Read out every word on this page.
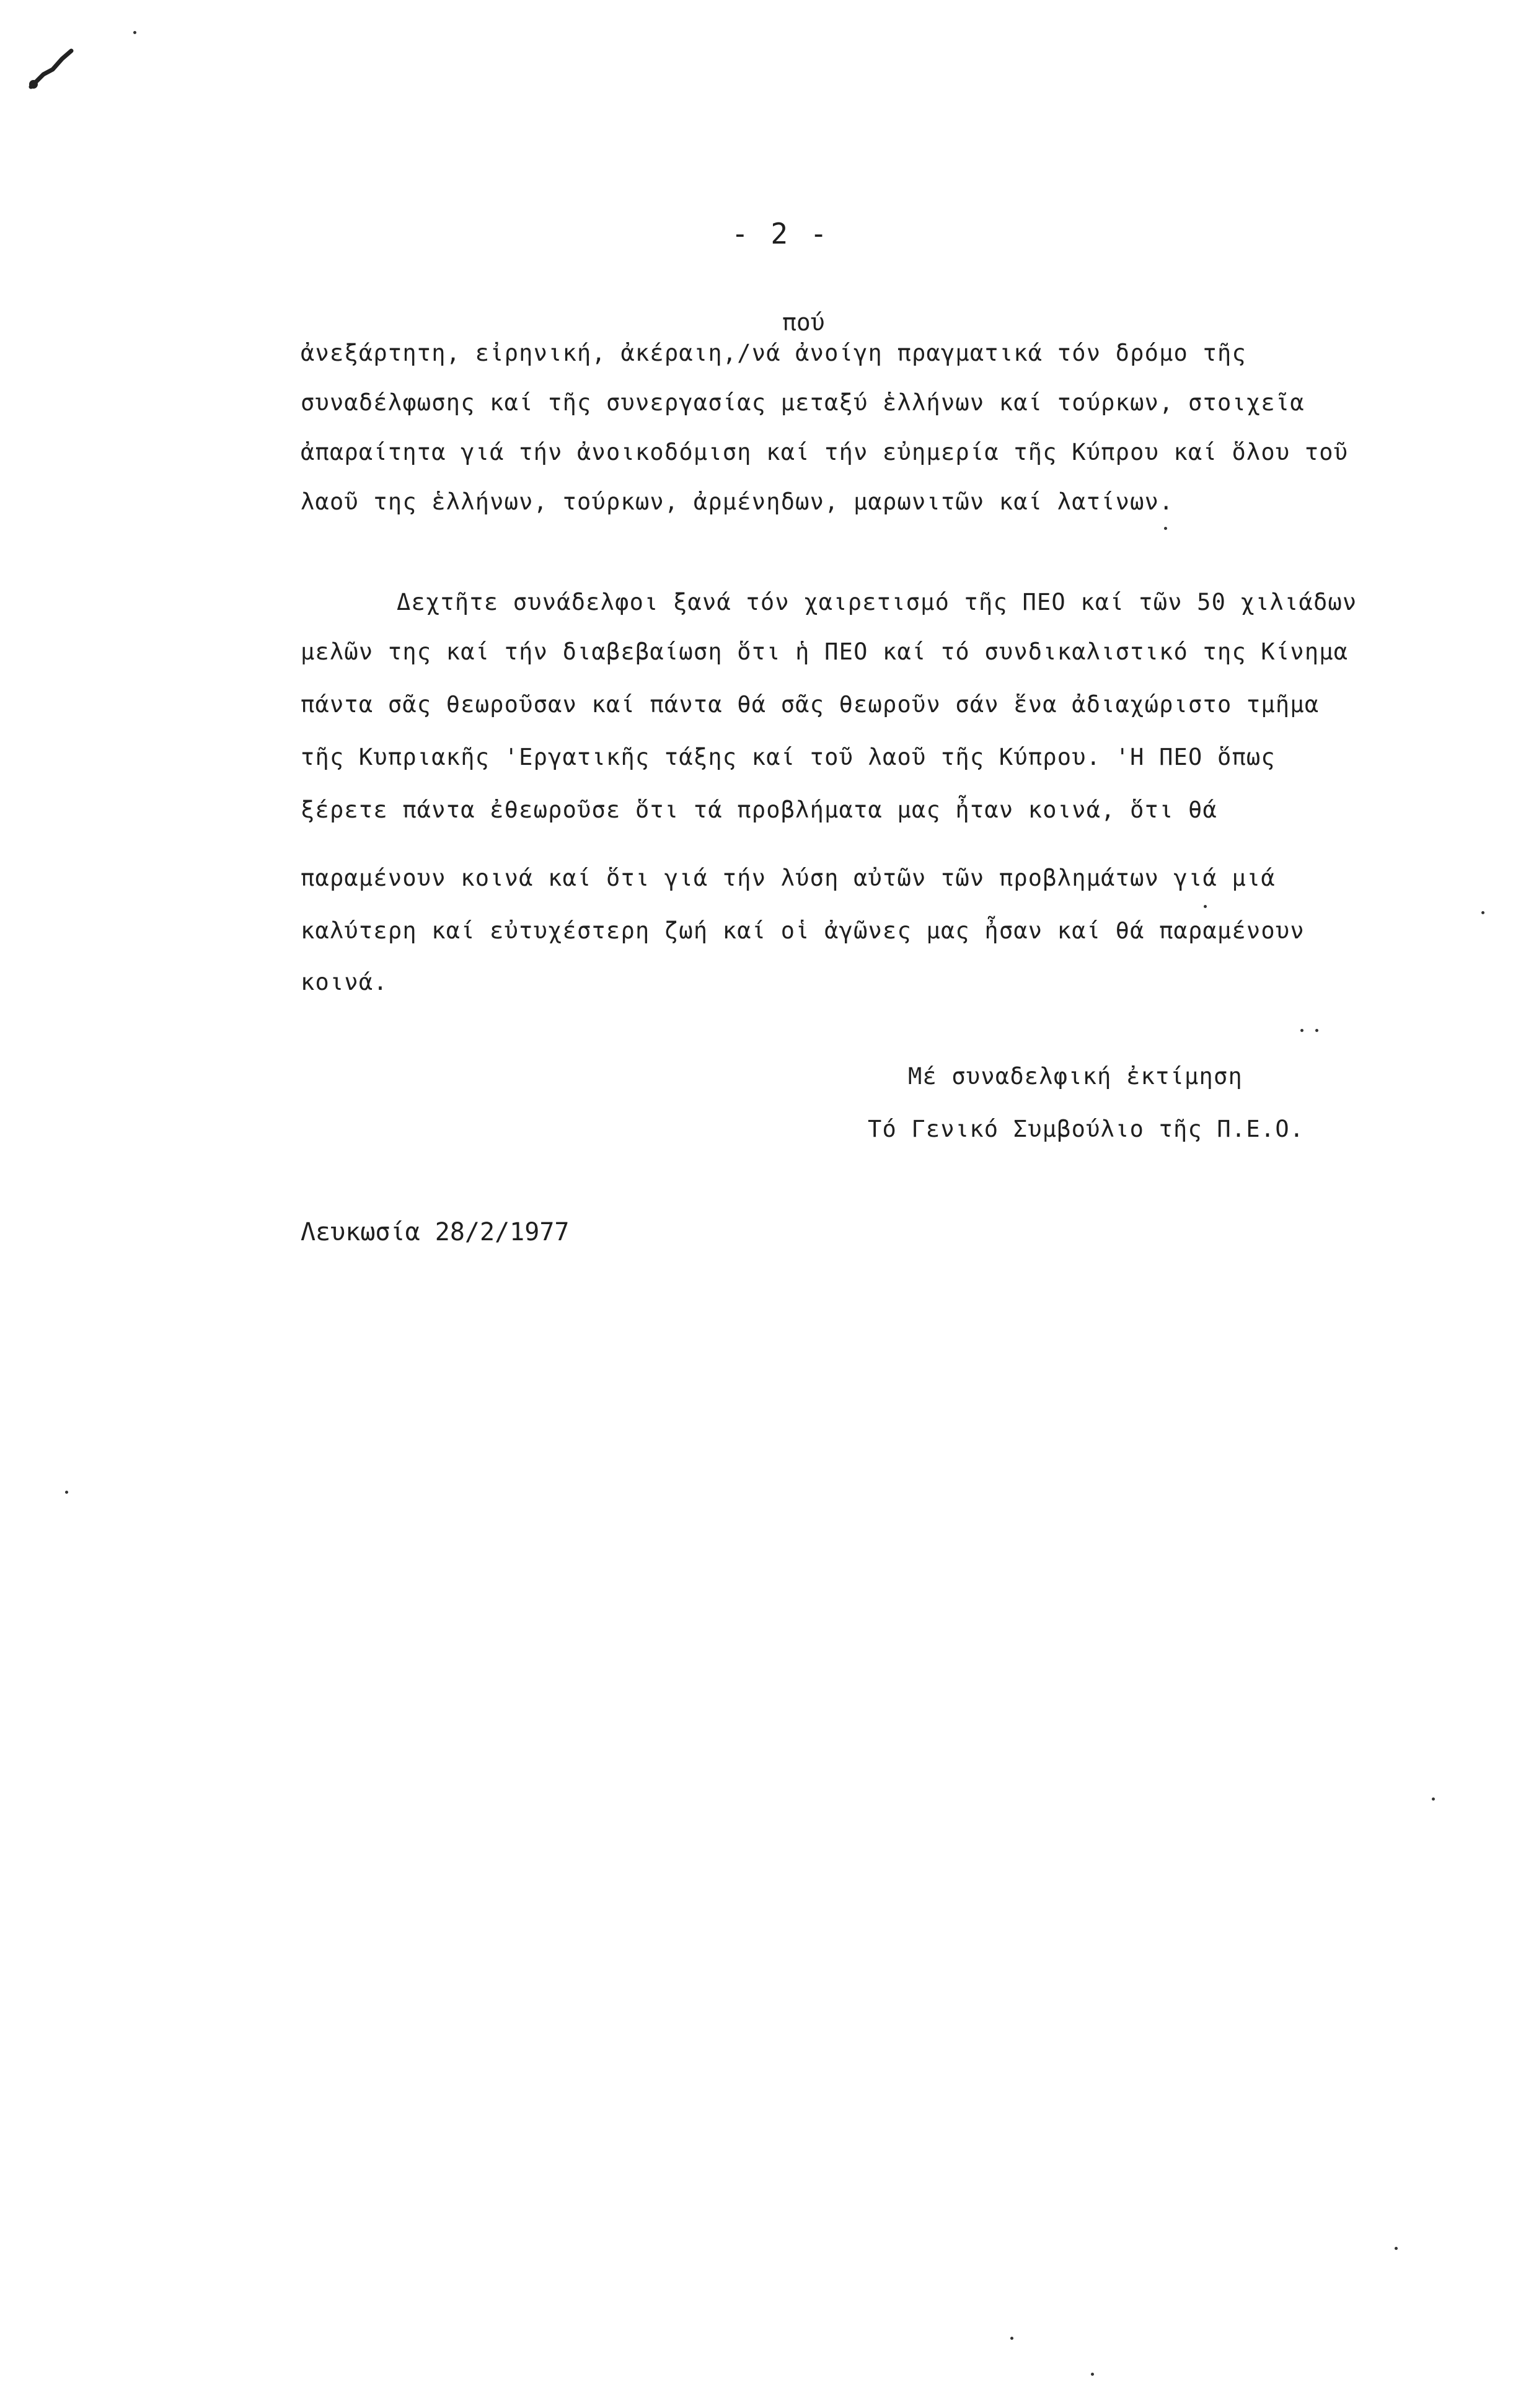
- 2 -
πού
ἀνεξάρτητη, εἰρηνική, ἀκέραιη,/νά ἀνοίγη πραγματικά τόν δρόμο τῆς
συναδέλφωσης καί τῆς συνεργασίας μεταξύ ἑλλήνων καί τούρκων, στοιχεῖα
ἀπαραίτητα γιά τήν ἀνοικοδόμιση καί τήν εὐημερία τῆς Κύπρου καί ὅλου τοῦ
λαοῦ της ἑλλήνων, τούρκων, ἀρμένηδων, μαρωνιτῶν καί λατίνων.
Δεχτῆτε συνάδελφοι ξανά τόν χαιρετισμό τῆς ΠΕΟ καί τῶν 50 χιλιάδων
μελῶν της καί τήν διαβεβαίωση ὅτι ἡ ΠΕΟ καί τό συνδικαλιστικό της Κίνημα
πάντα σᾶς θεωροῦσαν καί πάντα θά σᾶς θεωροῦν σάν ἕνα ἀδιαχώριστο τμῆμα
τῆς Κυπριακῆς 'Εργατικῆς τάξης καί τοῦ λαοῦ τῆς Κύπρου. 'Η ΠΕΟ ὅπως
ξέρετε πάντα ἐθεωροῦσε ὅτι τά προβλήματα μας ἦταν κοινά, ὅτι θά
παραμένουν κοινά καί ὅτι γιά τήν λύση αὐτῶν τῶν προβλημάτων γιά μιά
καλύτερη καί εὐτυχέστερη ζωή καί οἱ ἀγῶνες μας ἦσαν καί θά παραμένουν
κοινά.
Μέ συναδελφική ἐκτίμηση
Τό Γενικό Συμβούλιο τῆς Π.Ε.Ο.
Λευκωσία 28/2/1977
